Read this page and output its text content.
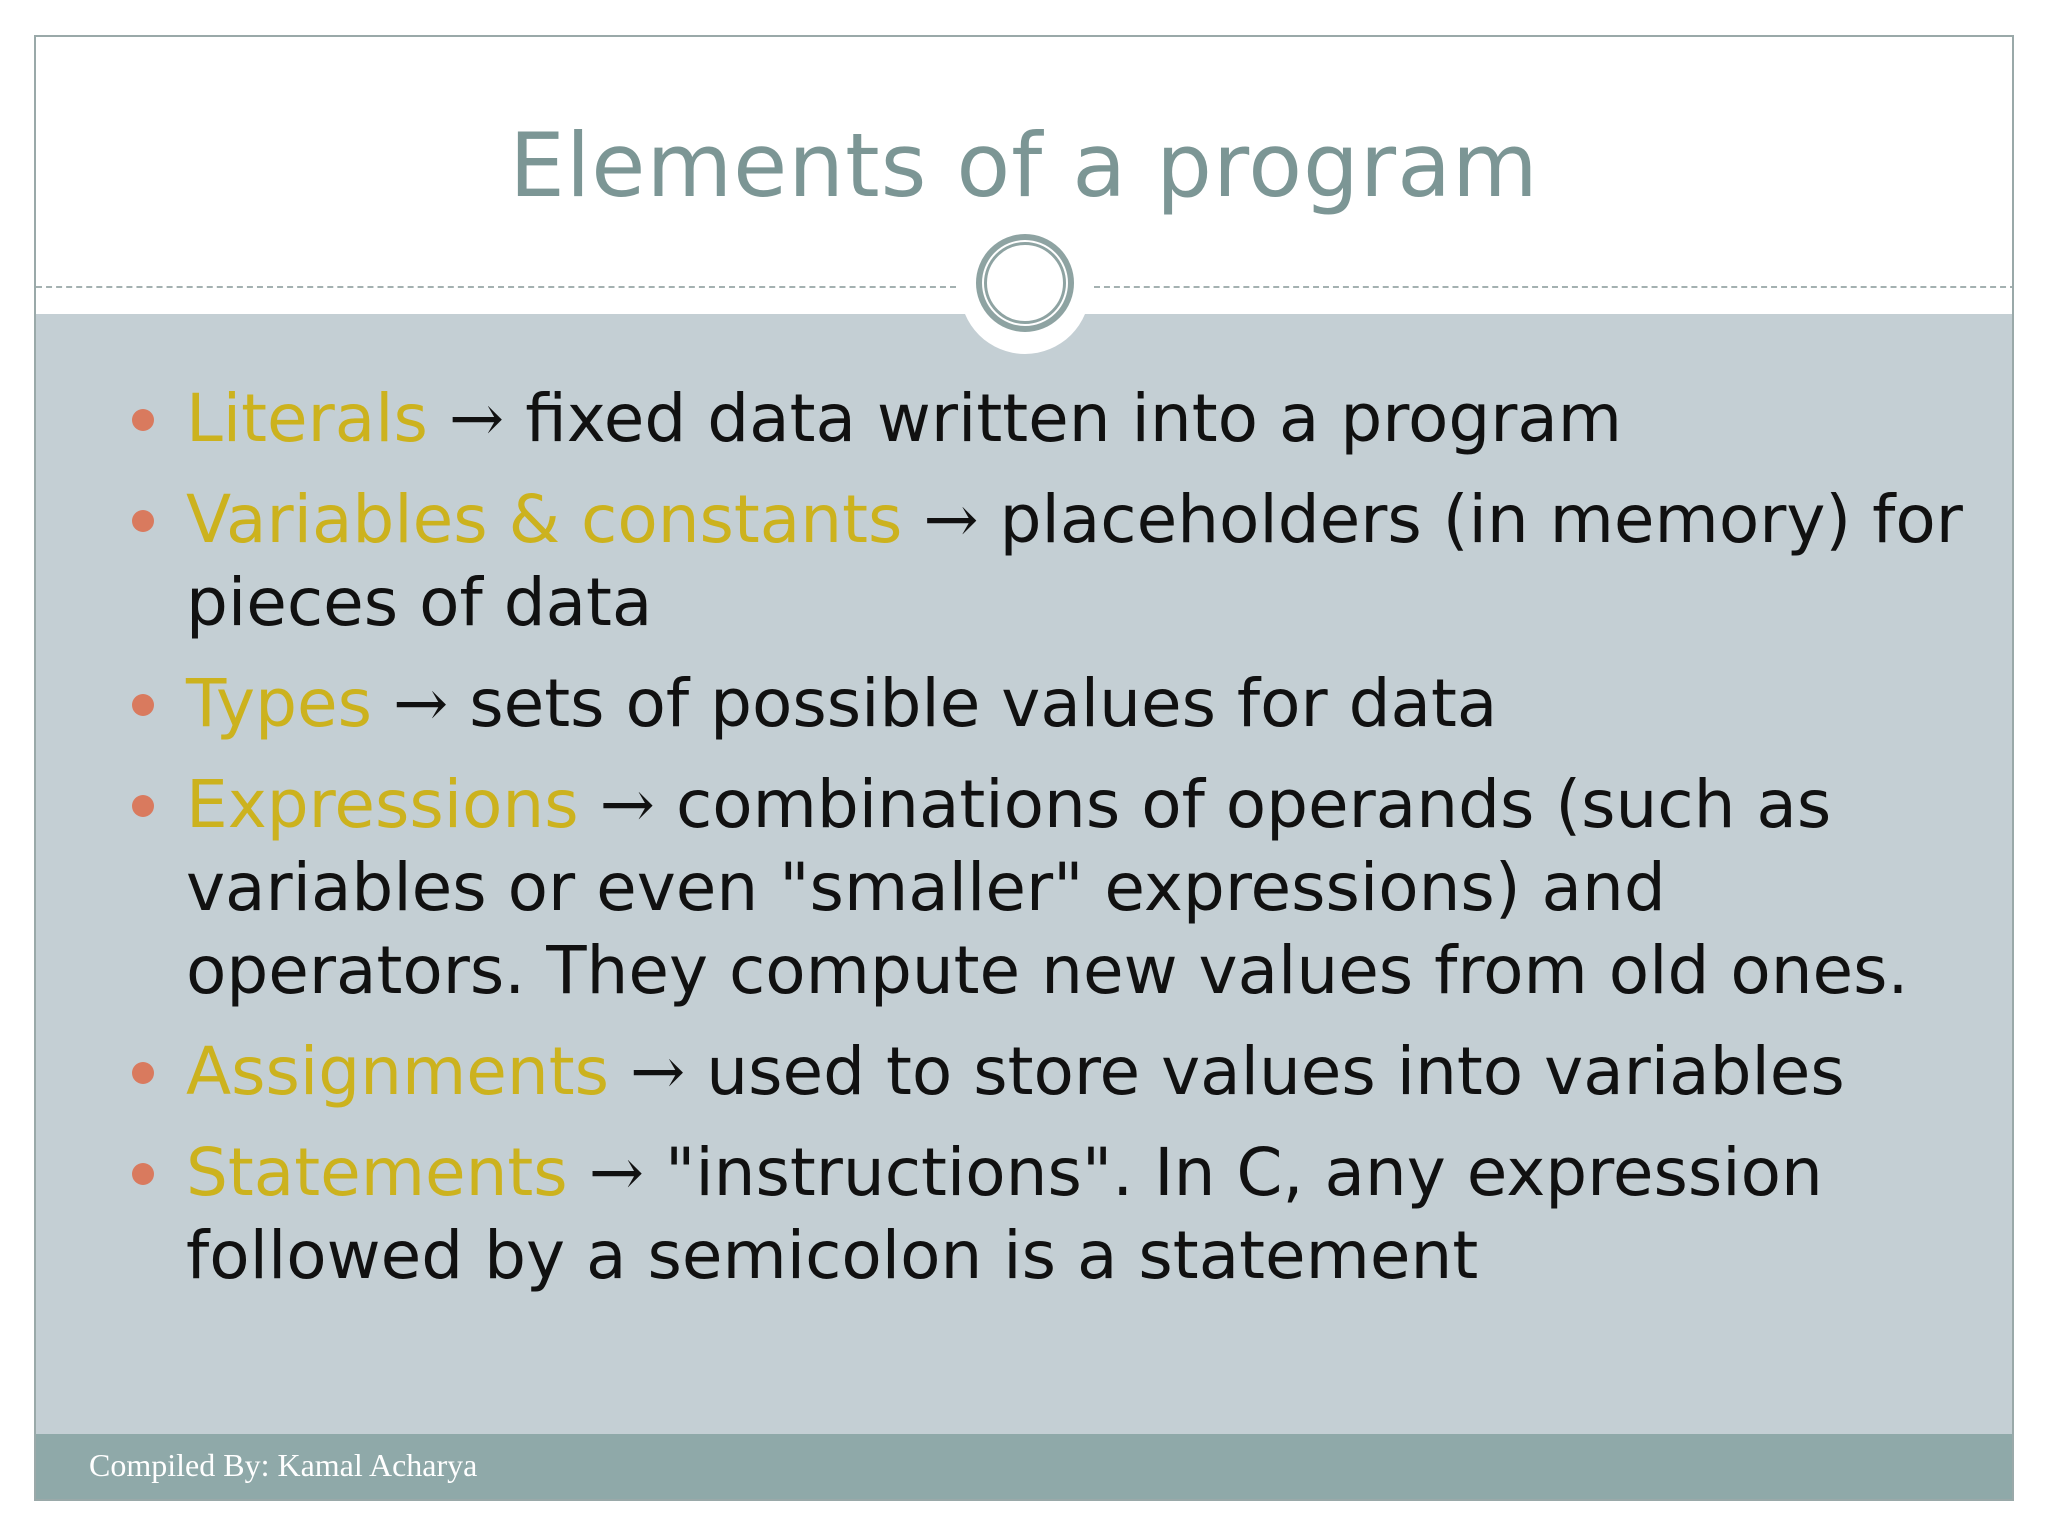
Elements of a program
Literals → fixed data written into a program
Variables & constants → placeholders (in memory) for pieces of data
Types → sets of possible values for data
Expressions → combinations of operands (such as variables or even "smaller" expressions) and operators. They compute new values from old ones.
Assignments → used to store values into variables
Statements → "instructions". In C, any expression followed by a semicolon is a statement
Compiled By: Kamal Acharya
